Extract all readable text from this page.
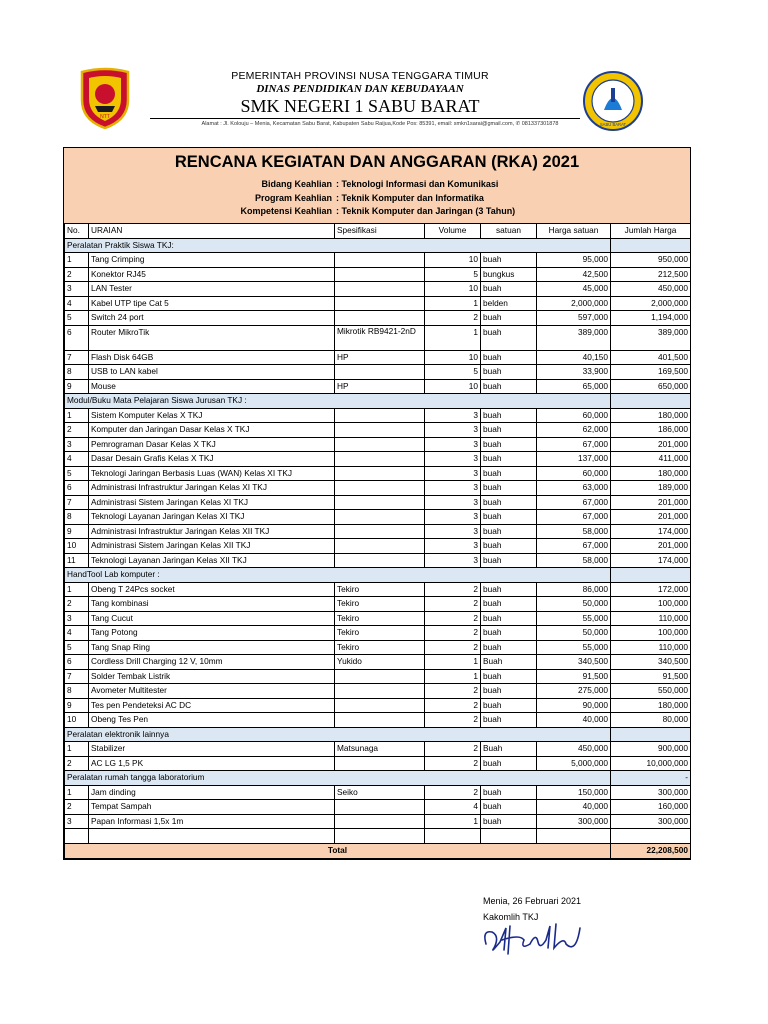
NTT
PEMERINTAH PROVINSI NUSA TENGGARA TIMUR
DINAS PENDIDIKAN DAN KEBUDAYAAN
SMK NEGERI 1 SABU BARAT
Alamat : Jl. Kolouju – Menia, Kecamatan Sabu Barat, Kabupaten Sabu Raijua,Kode Pos: 85391, email: smkn1sarai@gmail.com, ✆ 081337301878	SABU BARAT
RENCANA KEGIATAN DAN ANGGARAN (RKA) 2021
Bidang Keahlian : Teknologi Informasi dan Komunikasi
Program Keahlian : Teknik Komputer dan Informatika
Kompetensi Keahlian : Teknik Komputer dan Jaringan (3 Tahun)
No.	URAIAN	Spesifikasi	Volume	satuan	Harga satuan	Jumlah Harga
Peralatan Praktik Siswa TKJ:						
1	Tang Crimping		10	buah	95,000	950,000
2	Konektor RJ45		5	bungkus	42,500	212,500
3	LAN Tester		10	buah	45,000	450,000
4	Kabel UTP tipe Cat 5		1	belden	2,000,000	2,000,000
5	Switch 24 port		2	buah	597,000	1,194,000
6	Router MikroTik	Mikrotik RB9421-2nD	1	buah	389,000	389,000
7	Flash Disk 64GB	HP	10	buah	40,150	401,500
8	USB to LAN kabel		5	buah	33,900	169,500
9	Mouse	HP	10	buah	65,000	650,000
Modul/Buku Mata Pelajaran Siswa Jurusan TKJ :						
1	Sistem Komputer Kelas X TKJ		3	buah	60,000	180,000
2	Komputer dan Jaringan Dasar Kelas X TKJ		3	buah	62,000	186,000
3	Pemrograman Dasar Kelas X TKJ		3	buah	67,000	201,000
4	Dasar Desain Grafis Kelas X TKJ		3	buah	137,000	411,000
5	Teknologi Jaringan Berbasis Luas (WAN) Kelas XI TKJ		3	buah	60,000	180,000
6	Administrasi Infrastruktur Jaringan Kelas XI TKJ		3	buah	63,000	189,000
7	Administrasi Sistem Jaringan Kelas XI TKJ		3	buah	67,000	201,000
8	Teknologi Layanan Jaringan Kelas XI TKJ		3	buah	67,000	201,000
9	Administrasi Infrastruktur Jaringan Kelas XII TKJ		3	buah	58,000	174,000
10	Administrasi Sistem Jaringan Kelas XII TKJ		3	buah	67,000	201,000
11	Teknologi Layanan Jaringan Kelas XII TKJ		3	buah	58,000	174,000
HandTool Lab komputer :						
1	Obeng T 24Pcs socket	Tekiro	2	buah	86,000	172,000
2	Tang kombinasi	Tekiro	2	buah	50,000	100,000
3	Tang Cucut	Tekiro	2	buah	55,000	110,000
4	Tang Potong	Tekiro	2	buah	50,000	100,000
5	Tang Snap Ring	Tekiro	2	buah	55,000	110,000
6	Cordless Drill Charging 12 V, 10mm	Yukido	1	Buah	340,500	340,500
7	Solder Tembak Listrik		1	buah	91,500	91,500
8	Avometer Multitester		2	buah	275,000	550,000
9	Tes pen Pendeteksi AC DC		2	buah	90,000	180,000
10	Obeng Tes Pen		2	buah	40,000	80,000
Peralatan elektronik lainnya						
1	Stabilizer	Matsunaga	2	Buah	450,000	900,000
2	AC LG 1,5 PK		2	buah	5,000,000	10,000,000
Peralatan rumah tangga laboratorium						-
1	Jam dinding	Seiko	2	buah	150,000	300,000
2	Tempat Sampah		4	buah	40,000	160,000
3	Papan Informasi 1,5x 1m		1	buah	300,000	300,000

Total						22,208,500
Menia, 26 Februari 2021
Kakomlih TKJ
